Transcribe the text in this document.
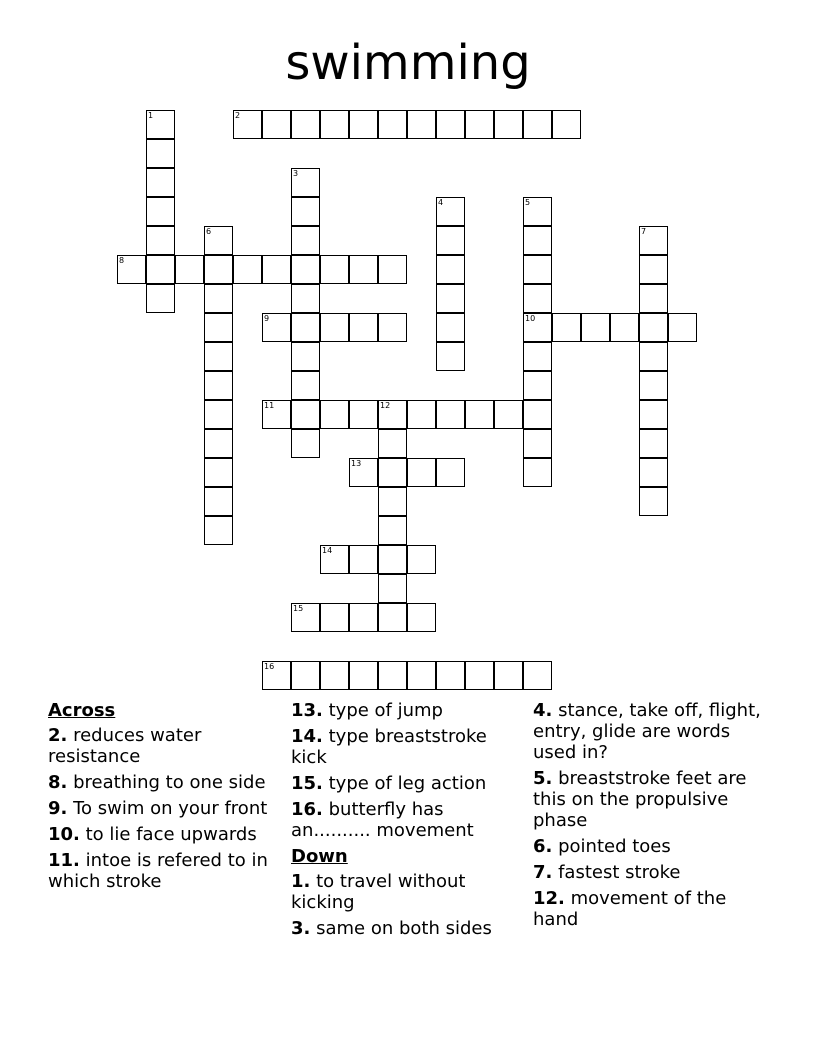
swimming
1	2
3
4	5
6	7
8
9	10
11	12
13
14
15
16
Across
2. reduces water resistance
8. breathing to one side
9. To swim on your front
10. to lie face upwards
11. intoe is refered to in which stroke
13. type of jump
14. type breaststroke kick
15. type of leg action
16. butterfly has an.......... movement
Down
1. to travel without kicking
3. same on both sides
4. stance, take off, flight, entry, glide are words used in?
5. breaststroke feet are this on the propulsive phase
6. pointed toes
7. fastest stroke
12. movement of the hand
